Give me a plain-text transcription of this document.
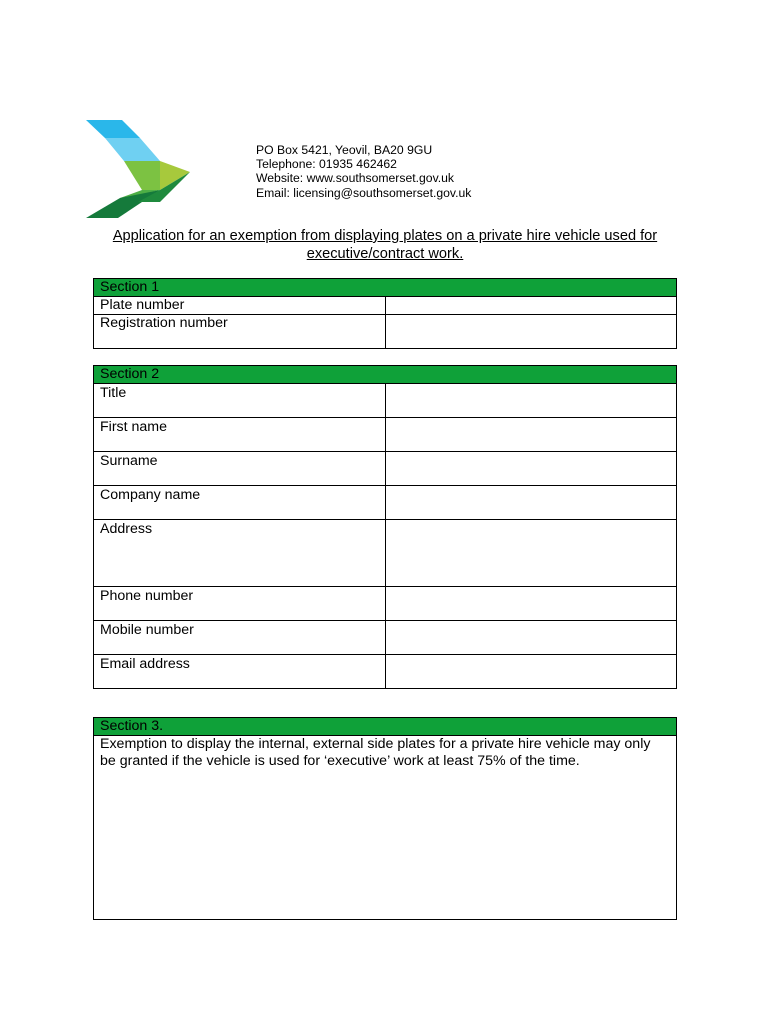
PO Box 5421, Yeovil, BA20 9GU
Telephone: 01935 462462
Website: www.southsomerset.gov.uk
Email: licensing@southsomerset.gov.uk
Application for an exemption from displaying plates on a private hire vehicle used for
executive/contract work.
Section 1	
Plate number	
Registration number	
Section 2	
Title	
First name	
Surname	
Company name	
Address	
Phone number	
Mobile number	
Email address	
Section 3.
Exemption to display the internal, external side plates for a private hire vehicle may only be granted if the vehicle is used for ‘executive’ work at least 75% of the time.
